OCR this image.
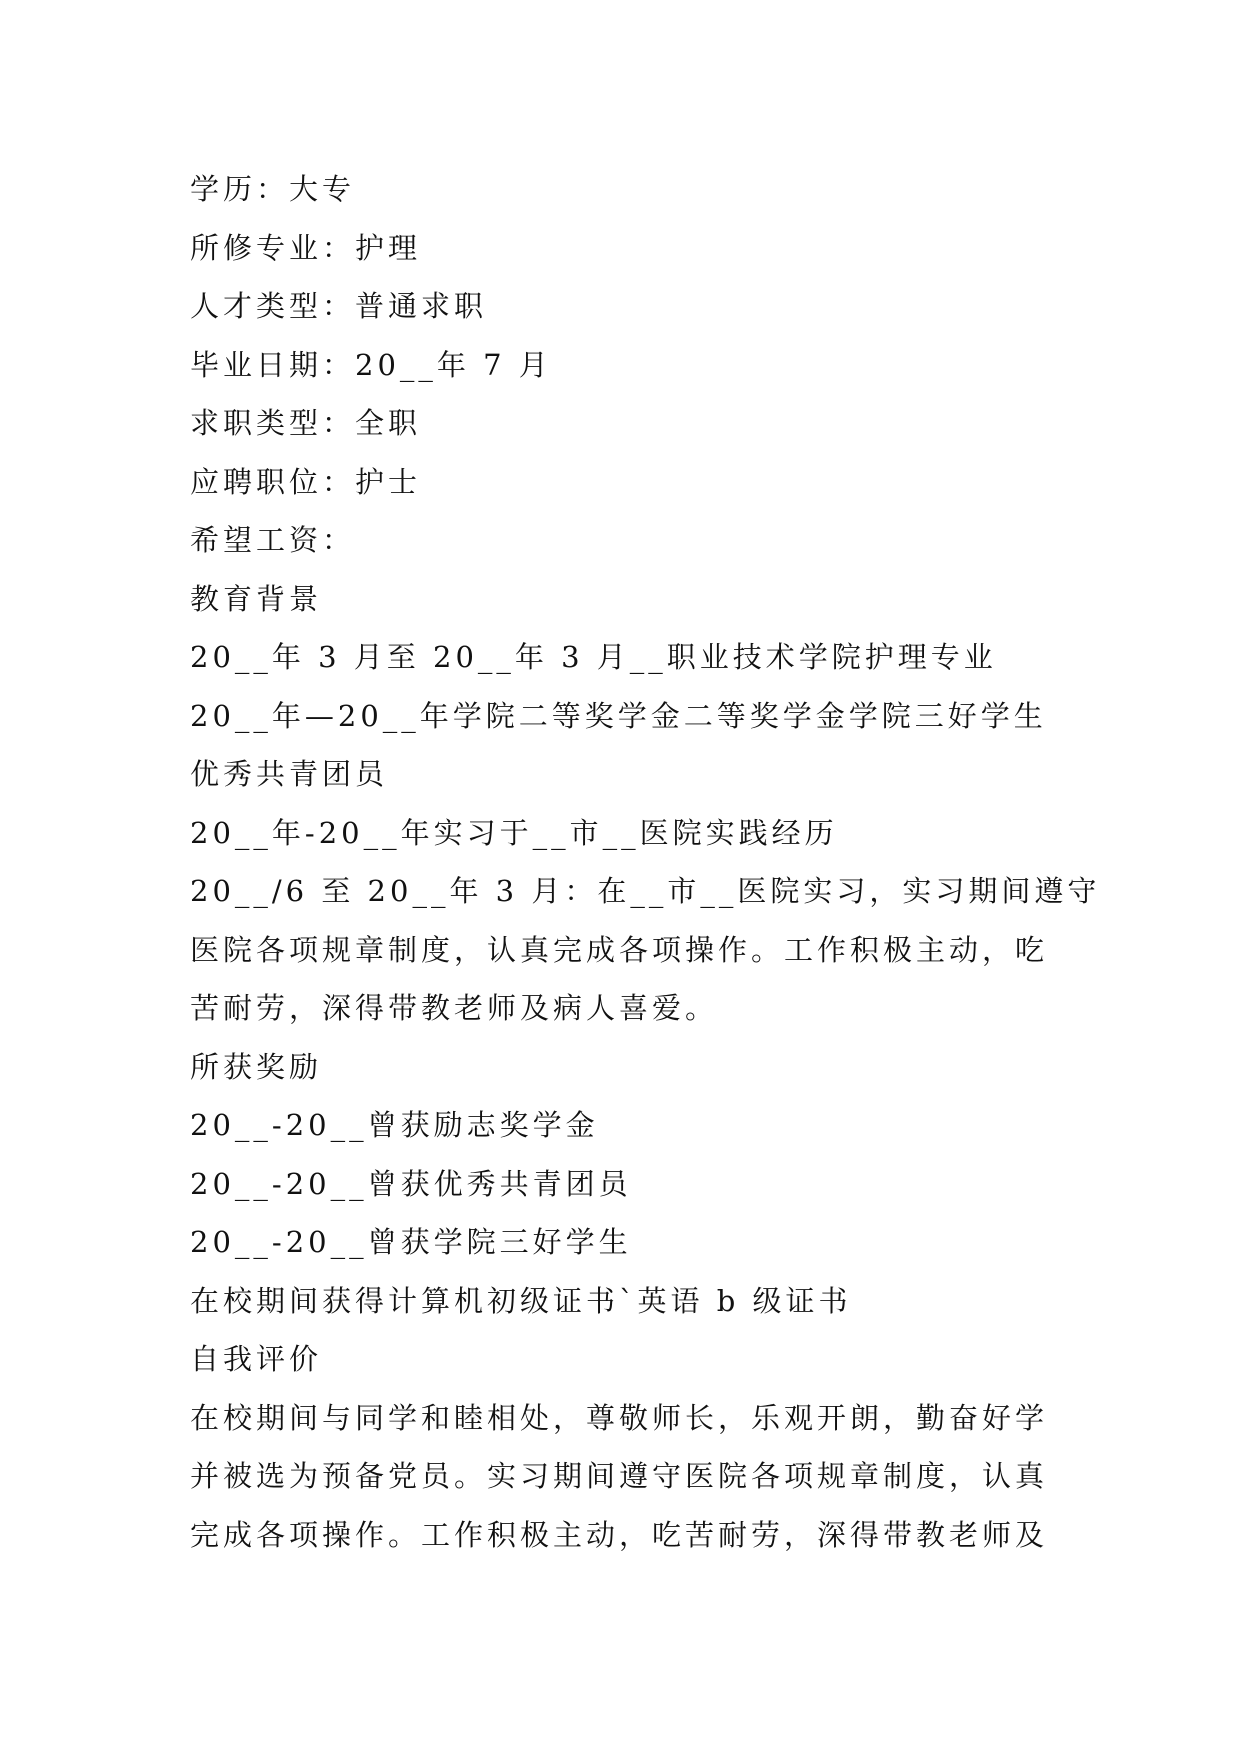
学历：大专
所修专业：护理
人才类型：普通求职
毕业日期：20__年 7 月
求职类型：全职
应聘职位：护士
希望工资：
教育背景
20__年 3 月至 20__年 3 月__职业技术学院护理专业
20__年—20__年学院二等奖学金二等奖学金学院三好学生
优秀共青团员
20__年-20__年实习于__市__医院实践经历
20__/6 至 20__年 3 月：在__市__医院实习，实习期间遵守
医院各项规章制度，认真完成各项操作。工作积极主动，吃
苦耐劳，深得带教老师及病人喜爱。
所获奖励
20__-20__曾获励志奖学金
20__-20__曾获优秀共青团员
20__-20__曾获学院三好学生
在校期间获得计算机初级证书`英语 b 级证书
自我评价
在校期间与同学和睦相处，尊敬师长，乐观开朗，勤奋好学
并被选为预备党员。实习期间遵守医院各项规章制度，认真
完成各项操作。工作积极主动，吃苦耐劳，深得带教老师及
